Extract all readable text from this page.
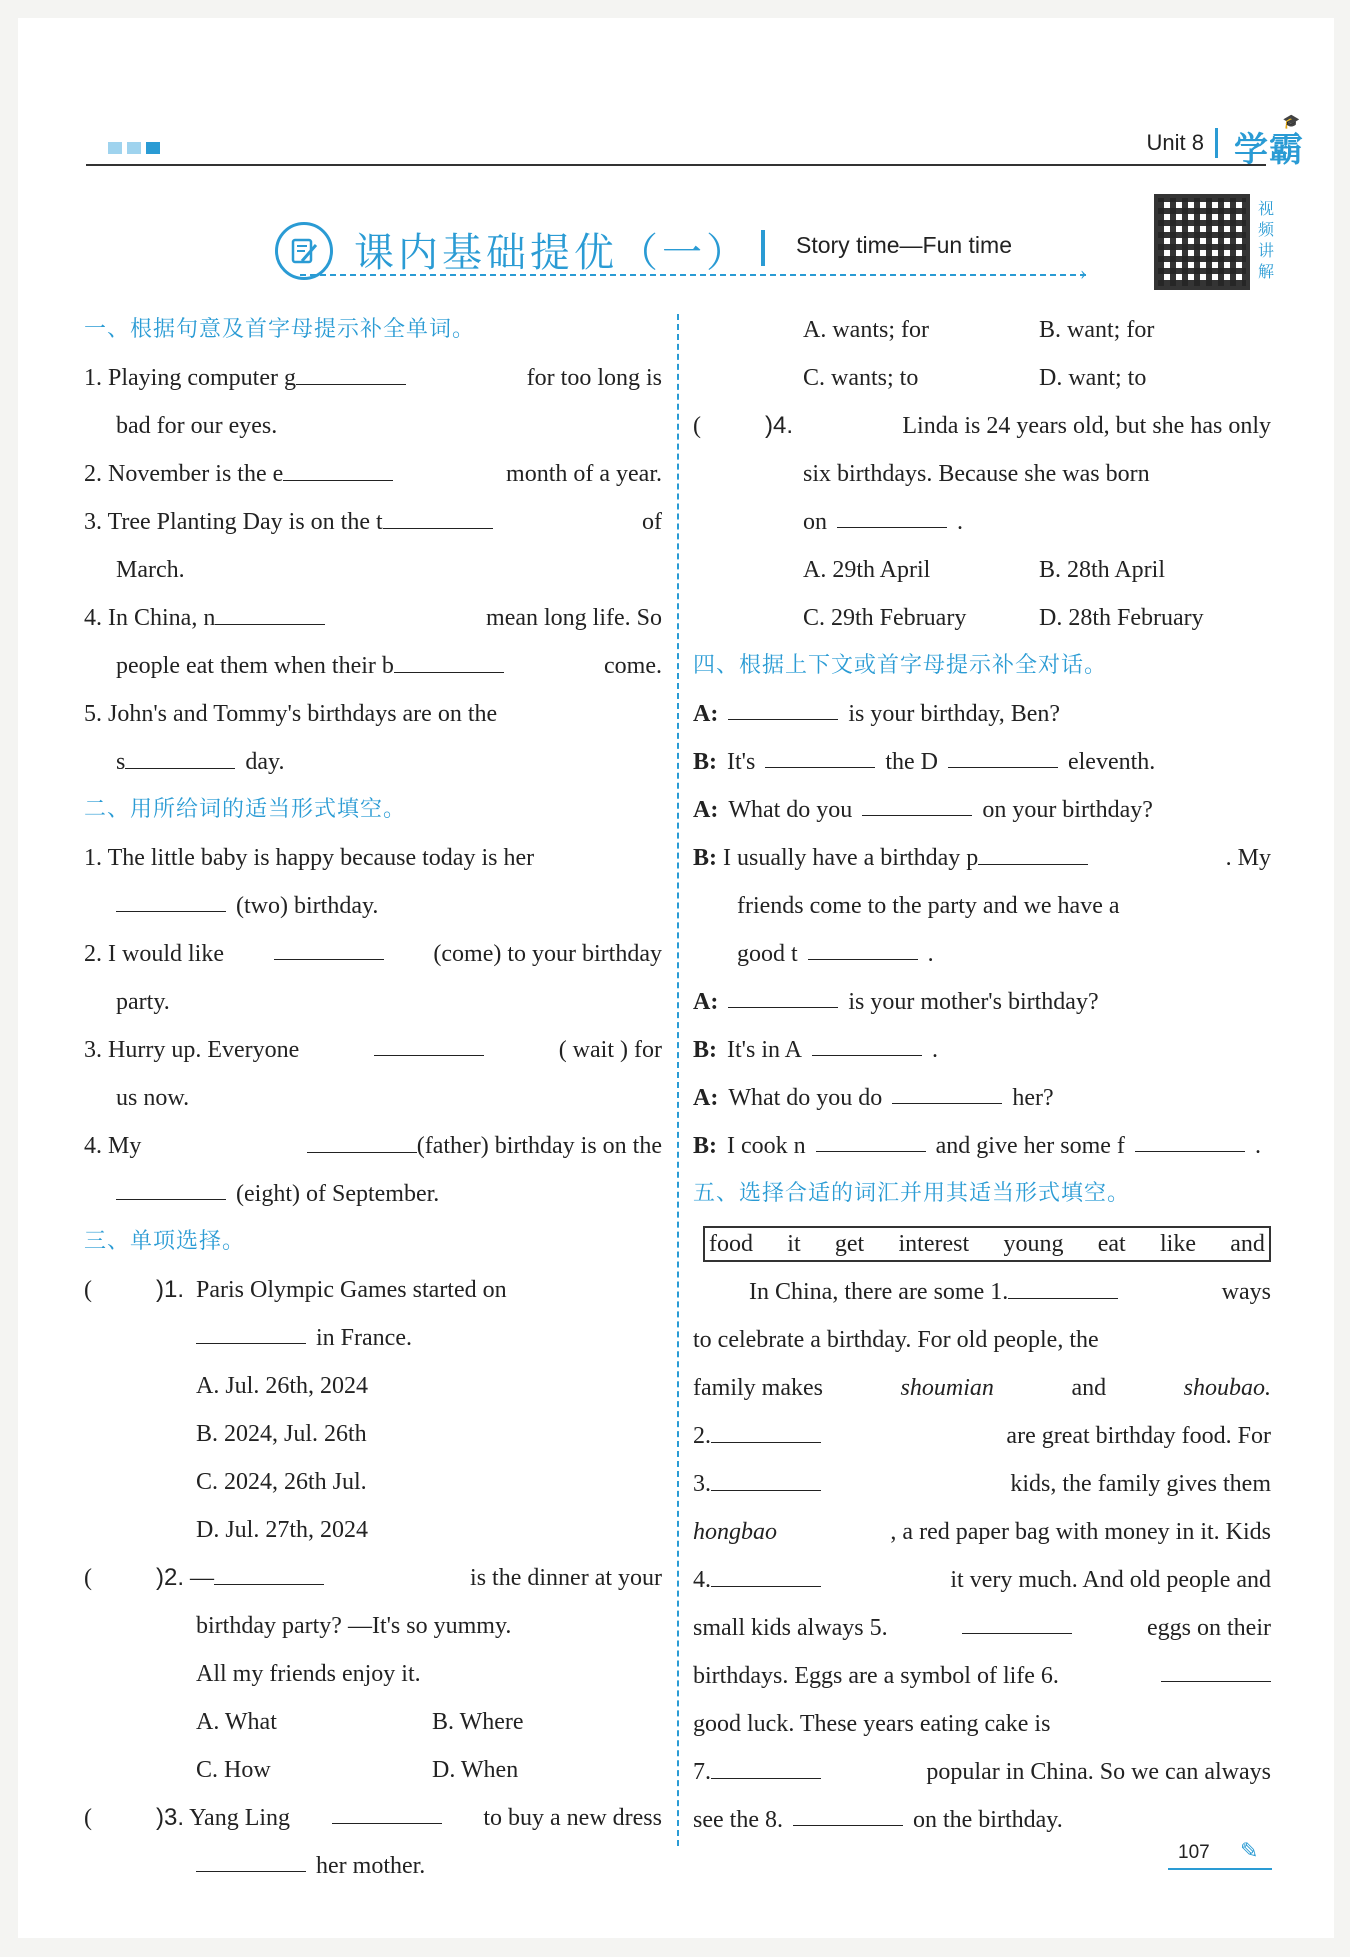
Unit 8 学霸
🎓
课内基础提优（一） Story time—Fun time
›
视
频
讲
解
一、根据句意及首字母提示补全单词。
1. Playing computer g	for too long is
bad for our eyes.
2. November is the e	month of a year.
3. Tree Planting Day is on the t	of
March.
4. In China, n	mean long life. So
people eat them when their b	come.
5. John's and Tommy's birthdays are on the
s	day.
二、用所给词的适当形式填空。
1. The little baby is happy because today is her
(two) birthday.
2. I would like	(come) to your birthday
party.
3. Hurry up. Everyone	( wait ) for
us now.
4. My	(father) birthday is on the
(eight) of September.
三、单项选择。
(	)1. Paris Olympic Games started on
in France.
A. Jul. 26th, 2024
B. 2024, Jul. 26th
C. 2024, 26th Jul.
D. Jul. 27th, 2024
(	)2. —	is the dinner at your
birthday party? —It's so yummy.
All my friends enjoy it.
A. What	B. Where
C. How	D. When
(	)3. Yang Ling	to buy a new dress
her mother.
A. wants; for	B. want; for
C. wants; to	D. want; to
(	)4.	Linda is 24 years old, but she has only
six birthdays. Because she was born
on	.
A. 29th April	B. 28th April
C. 29th February	D. 28th February
四、根据上下文或首字母提示补全对话。
A:	is your birthday, Ben?
B: It's	the D	eleventh.
A: What do you	on your birthday?
B: I usually have a birthday p	. My
friends come to the party and we have a
good t	.
A:	is your mother's birthday?
B: It's in A	.
A: What do you do	her?
B: I cook n	and give her some f	.
五、选择合适的词汇并用其适当形式填空。
food it get interest young eat like and
In China, there are some 1.	ways
to celebrate a birthday. For old people, the
family makes	shoumian	and	shoubao.
2.	are great birthday food. For
3.	kids, the family gives them
hongbao	, a red paper bag with money in it. Kids
4.	it very much. And old people and
small kids always 5.	eggs on their
birthdays. Eggs are a symbol of life 6.
good luck. These years eating cake is
7.	popular in China. So we can always
see the 8.	on the birthday.
107 ✎
